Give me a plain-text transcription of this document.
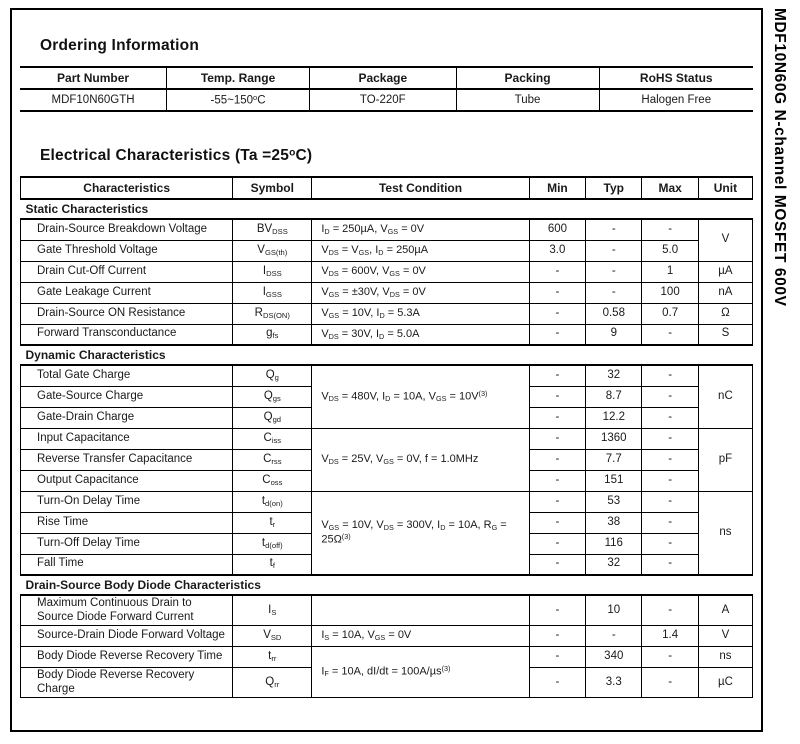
Ordering Information
Part Number	Temp. Range	Package	Packing	RoHS Status
MDF10N60GTH	-55~150$^o$C	TO-220F	Tube	Halogen Free
Electrical Characteristics $(Ta =25^oC)$
Characteristics	Symbol	Test Condition	Min	Typ	Max	Unit
Static Characteristics						
Drain-Source Breakdown Voltage	$BV_{DSS}$	$I_D = 250\mu A$, $V_{GS} = 0V$	600	-	-	V
Gate Threshold Voltage	$V_{GS(th)}$	$V_{DS} = V_{GS}$, $I_D = 250\mu A$	3.0	-	5.0	
Drain Cut-Off Current	$I_{DSS}$	$V_{DS} = 600V$, $V_{GS} = 0V$	-	-	1	µA
Gate Leakage Current	$I_{GSS}$	$V_{GS} = \pm 30V$, $V_{DS} = 0V$	-	-	100	nA
Drain-Source ON Resistance	$R_{DS(ON)}$	$V_{GS} = 10V$, $I_D = 5.3A$	-	0.58	0.7	Ω
Forward Transconductance	$g_{fs}$	$V_{DS} = 30V$, $I_D = 5.0A$	-	9	-	S
Dynamic Characteristics						
Total Gate Charge	$Q_g$	$V_{DS} = 480V$, $I_D = 10A$, $V_{GS} = 10V^{(3)}$	-	32	-	nC
Gate-Source Charge	$Q_{gs}$		-	8.7	-	
Gate-Drain Charge	$Q_{gd}$		-	12.2	-	
Input Capacitance	$C_{iss}$	$V_{DS} = 25V$, $V_{GS} = 0V$, f = 1.0MHz	-	1360	-	pF
Reverse Transfer Capacitance	$C_{rss}$		-	7.7	-	
Output Capacitance	$C_{oss}$		-	151	-	
Turn-On Delay Time	$t_{d(on)}$	$V_{GS} = 10V$, $V_{DS} = 300V$, $I_D = 10A$, $R_G = 25\Omega^{(3)}$	-	53	-	ns
Rise Time	$t_r$		-	38	-	
Turn-Off Delay Time	$t_{d(off)}$		-	116	-	
Fall Time	$t_f$		-	32	-	
Drain-Source Body Diode Characteristics						
Maximum Continuous Drain to Source Diode Forward Current	$I_S$		-	10	-	A
Source-Drain Diode Forward Voltage	$V_{SD}$	$I_S = 10A$, $V_{GS} = 0V$	-	-	1.4	V
Body Diode Reverse Recovery Time	$t_{rr}$	$I_F = 10A$, dI/dt = 100A/µs$^{(3)}$	-	340	-	ns
Body Diode Reverse Recovery Charge	$Q_{rr}$		-	3.3	-	µC
MDF10N60G N-channel MOSFET 600V
